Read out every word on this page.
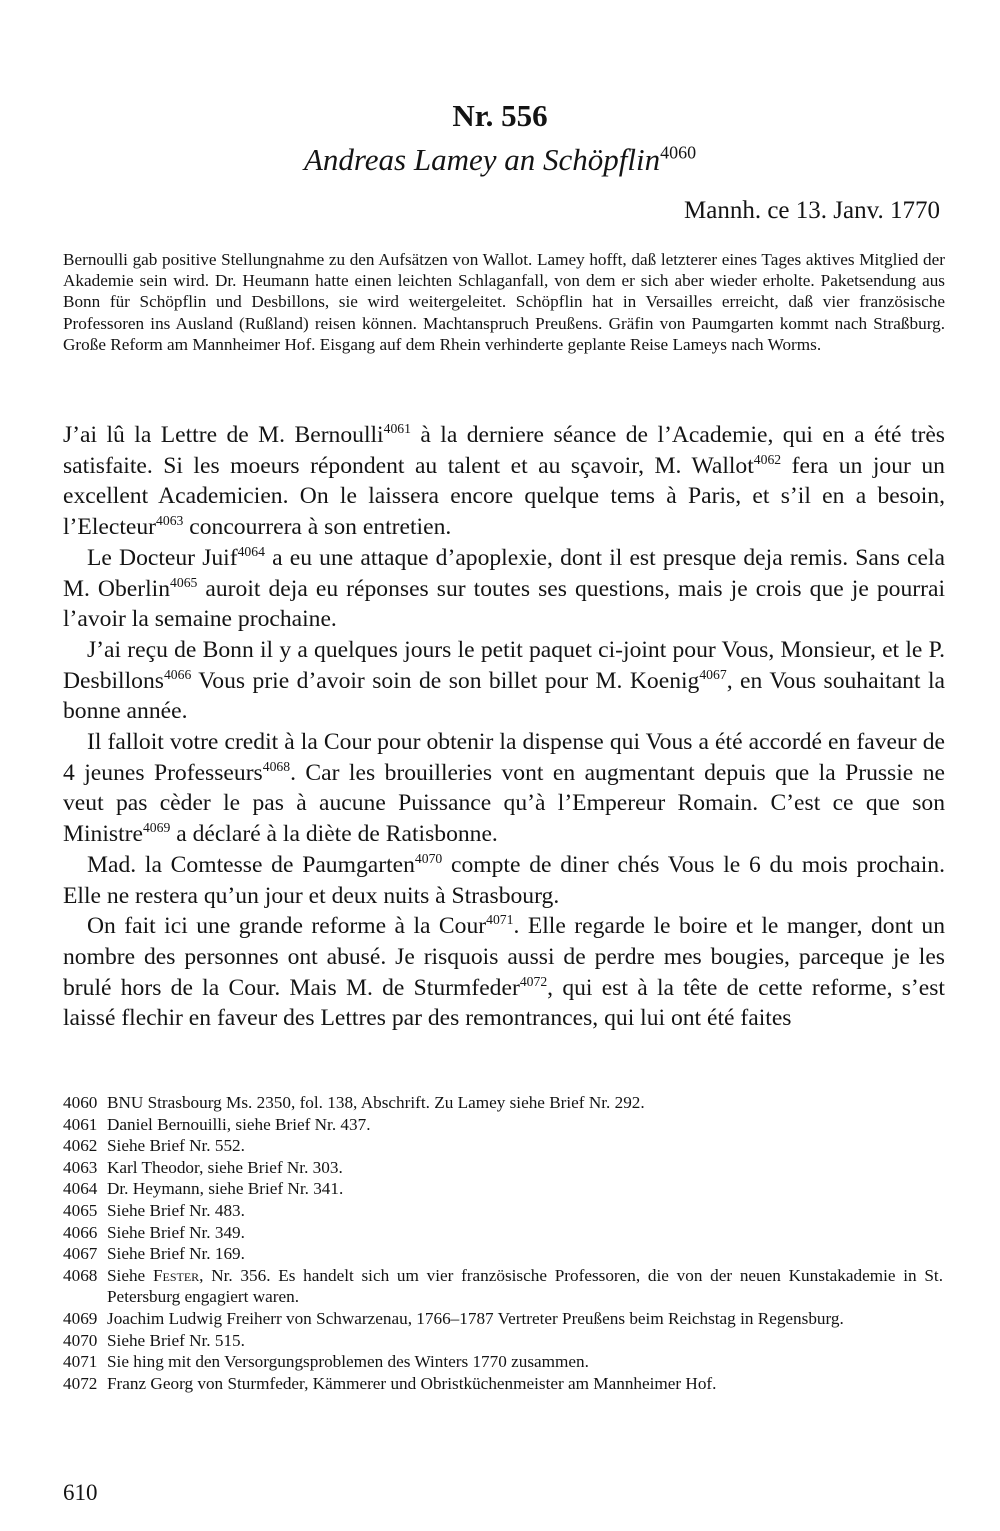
Nr. 556
Andreas Lamey an Schöpflin$^{4060}$

Mannh. ce 13. Janv. 1770

Bernoulli gab positive Stellungnahme zu den Aufsätzen von Wallot. Lamey hofft, daß letzterer eines Tages aktives Mitglied der Akademie sein wird. Dr. Heumann hatte einen leichten Schlaganfall, von dem er sich aber wieder erholte. Paketsendung aus Bonn für Schöpflin und Desbillons, sie wird weitergeleitet. Schöpflin hat in Versailles erreicht, daß vier französische Professoren ins Ausland (Rußland) reisen können. Machtanspruch Preußens. Gräfin von Paumgarten kommt nach Straßburg. Große Reform am Mannheimer Hof. Eisgang auf dem Rhein verhinderte geplante Reise Lameys nach Worms.

J’ai lû la Lettre de M. Bernoulli$^{4061}$ à la derniere séance de l’Academie, qui en a été très satisfaite. Si les moeurs répondent au talent et au sçavoir, M. Wallot$^{4062}$ fera un jour un excellent Academicien. On le laissera encore quelque tems à Paris, et s’il en a besoin, l’Electeur$^{4063}$ concourrera à son entretien.

Le Docteur Juif$^{4064}$ a eu une attaque d’apoplexie, dont il est presque deja remis. Sans cela M. Oberlin$^{4065}$ auroit deja eu réponses sur toutes ses questions, mais je crois que je pourrai l’avoir la semaine prochaine.

J’ai reçu de Bonn il y a quelques jours le petit paquet ci-joint pour Vous, Monsieur, et le P. Desbillons$^{4066}$ Vous prie d’avoir soin de son billet pour M. Koenig$^{4067}$, en Vous souhaitant la bonne année.

Il falloit votre credit à la Cour pour obtenir la dispense qui Vous a été accordé en faveur de 4 jeunes Professeurs$^{4068}$. Car les brouilleries vont en augmentant depuis que la Prussie ne veut pas cèder le pas à aucune Puissance qu’à l’Empereur Romain. C’est ce que son Ministre$^{4069}$ a déclaré à la diète de Ratisbonne.

Mad. la Comtesse de Paumgarten$^{4070}$ compte de diner chés Vous le 6 du mois prochain. Elle ne restera qu’un jour et deux nuits à Strasbourg.

On fait ici une grande reforme à la Cour$^{4071}$. Elle regarde le boire et le manger, dont un nombre des personnes ont abusé. Je risquois aussi de perdre mes bougies, parceque je les brulé hors de la Cour. Mais M. de Sturmfeder$^{4072}$, qui est à la tête de cette reforme, s’est laissé flechir en faveur des Lettres par des remontrances, qui lui ont été faites

4060 BNU Strasbourg Ms. 2350, fol. 138, Abschrift. Zu Lamey siehe Brief Nr. 292.
4061 Daniel Bernouilli, siehe Brief Nr. 437.
4062 Siehe Brief Nr. 552.
4063 Karl Theodor, siehe Brief Nr. 303.
4064 Dr. Heymann, siehe Brief Nr. 341.
4065 Siehe Brief Nr. 483.
4066 Siehe Brief Nr. 349.
4067 Siehe Brief Nr. 169.
4068 Siehe Fester, Nr. 356. Es handelt sich um vier französische Professoren, die von der neuen Kunstakademie in St. Petersburg engagiert waren.
4069 Joachim Ludwig Freiherr von Schwarzenau, 1766–1787 Vertreter Preußens beim Reichstag in Regensburg.
4070 Siehe Brief Nr. 515.
4071 Sie hing mit den Versorgungsproblemen des Winters 1770 zusammen.
4072 Franz Georg von Sturmfeder, Kämmerer und Obristküchenmeister am Mannheimer Hof.

610
